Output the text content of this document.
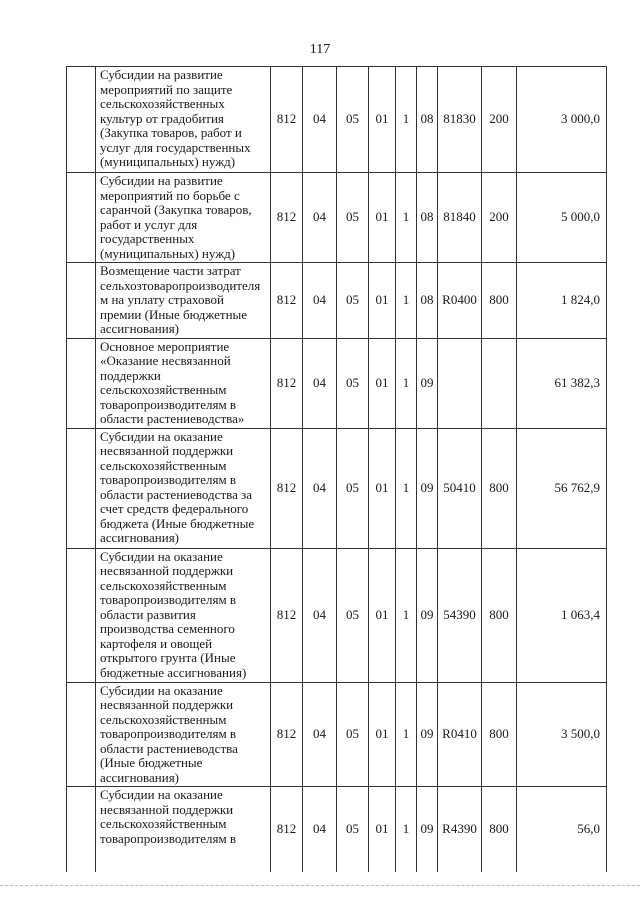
117
	Субсидии на развитие мероприятий по защите сельскохозяйственных культур от градобития (Закупка товаров, работ и услуг для государственных (муниципальных) нужд)	812	04	05	01	1	08	81830	200	3 000,0
	Субсидии на развитие мероприятий по борьбе с саранчой (Закупка товаров, работ и услуг для государственных (муниципальных) нужд)	812	04	05	01	1	08	81840	200	5 000,0
	Возмещение части затрат сельхозтоваропроизводителя м на уплату страховой премии (Иные бюджетные ассигнования)	812	04	05	01	1	08	R0400	800	1 824,0
	Основное мероприятие «Оказание несвязанной поддержки сельскохозяйственным товаропроизводителям в области растениеводства»	812	04	05	01	1	09			61 382,3
	Субсидии на оказание несвязанной поддержки сельскохозяйственным товаропроизводителям в области растениеводства за счет средств федерального бюджета (Иные бюджетные ассигнования)	812	04	05	01	1	09	50410	800	56 762,9
	Субсидии на оказание несвязанной поддержки сельскохозяйственным товаропроизводителям в области развития производства семенного картофеля и овощей открытого грунта (Иные бюджетные ассигнования)	812	04	05	01	1	09	54390	800	1 063,4
	Субсидии на оказание несвязанной поддержки сельскохозяйственным товаропроизводителям в области растениеводства (Иные бюджетные ассигнования)	812	04	05	01	1	09	R0410	800	3 500,0
	Субсидии на оказание несвязанной поддержки сельскохозяйственным товаропроизводителям в	812	04	05	01	1	09	R4390	800	56,0
